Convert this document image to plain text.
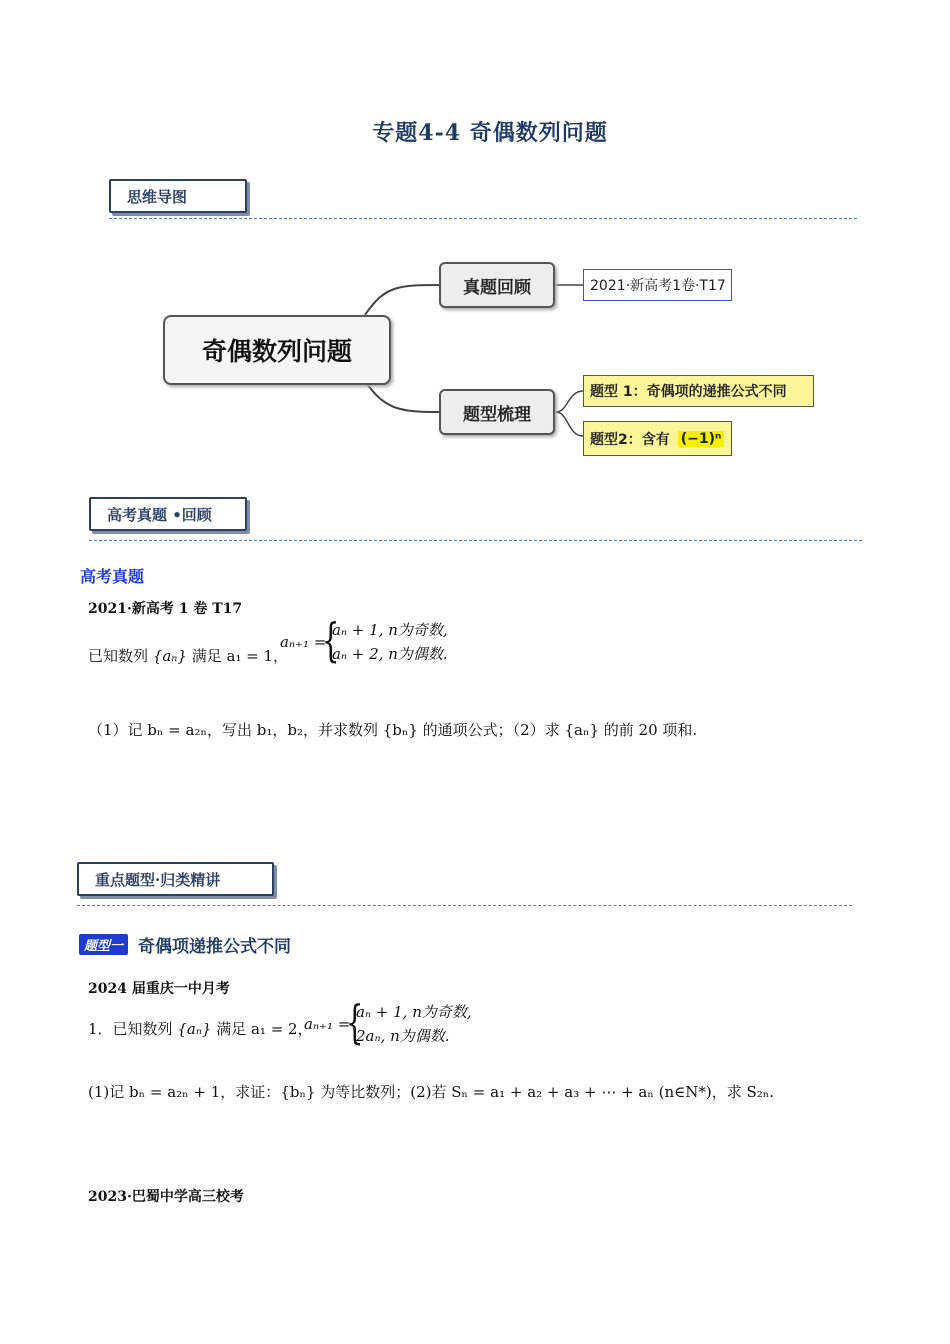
专题4-4 奇偶数列问题
思维导图
奇偶数列问题
真题回顾
题型梳理
2021·新高考1卷·T17
题型 1：奇偶项的递推公式不同
题型2：含有 (−1)ⁿ
高考真题 •回顾
高考真题
2021·新高考 1 卷 T17
已知数列 {aₙ} 满足 a₁ = 1，
aₙ₊₁ =
{
aₙ + 1, n为奇数,
aₙ + 2, n为偶数.
（1）记 bₙ = a₂ₙ，写出 b₁，b₂，并求数列 {bₙ} 的通项公式；（2）求 {aₙ} 的前 20 项和.
重点题型·归类精讲
题型一 奇偶项递推公式不同
2024 届重庆一中月考
1．已知数列 {aₙ} 满足 a₁ = 2，
aₙ₊₁ =
{
aₙ + 1, n为奇数,
2aₙ, n为偶数.
(1)记 bₙ = a₂ₙ + 1，求证：{bₙ} 为等比数列；(2)若 Sₙ = a₁ + a₂ + a₃ + ⋯ + aₙ (n∈N*)，求 S₂ₙ.
2023·巴蜀中学高三校考
